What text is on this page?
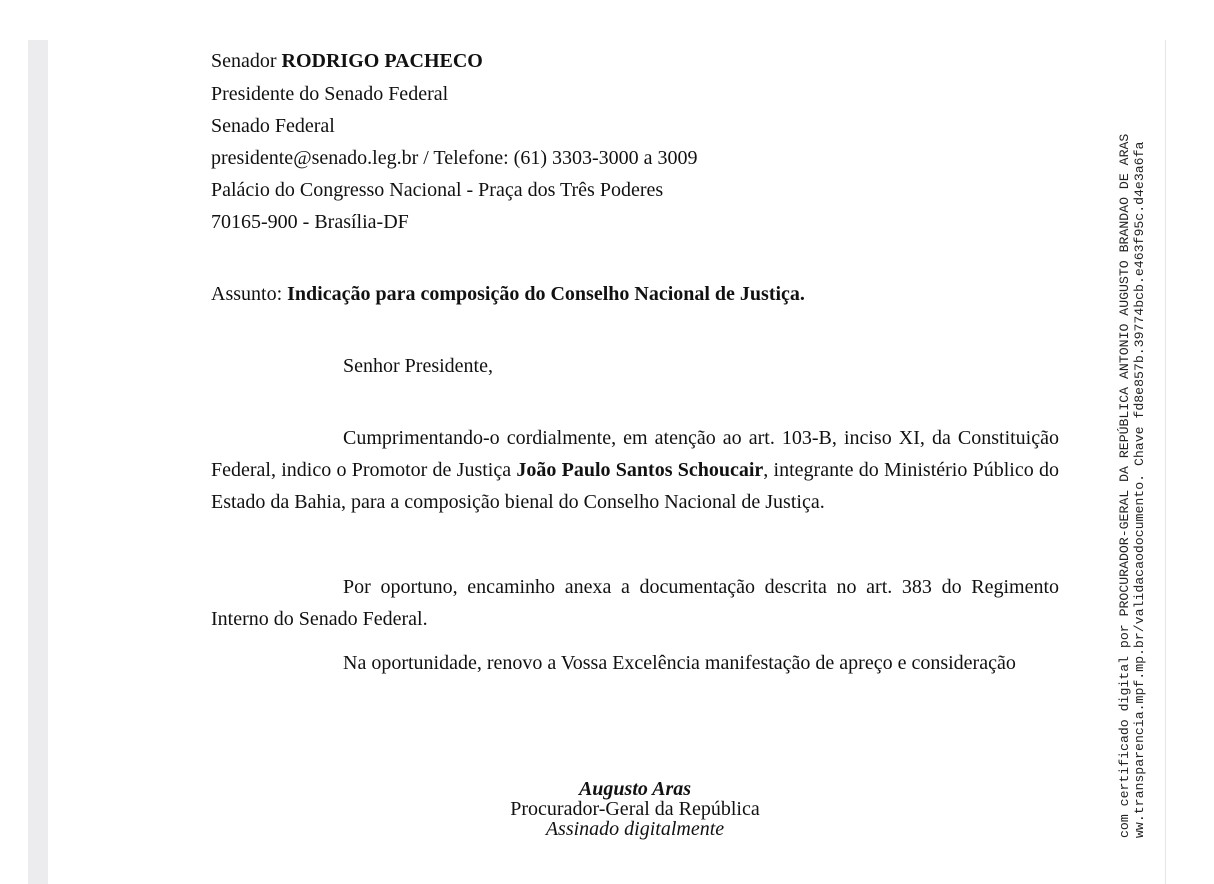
Senador RODRIGO PACHECO
Presidente do Senado Federal
Senado Federal
presidente@senado.leg.br / Telefone: (61) 3303-3000 a 3009
Palácio do Congresso Nacional - Praça dos Três Poderes
70165-900 - Brasília-DF
Assunto: Indicação para composição do Conselho Nacional de Justiça.
Senhor Presidente,
Cumprimentando-o cordialmente, em atenção ao art. 103-B, inciso XI, da Constituição Federal, indico o Promotor de Justiça João Paulo Santos Schoucair, integrante do Ministério Público do Estado da Bahia, para a composição bienal do Conselho Nacional de Justiça.
Por oportuno, encaminho anexa a documentação descrita no art. 383 do Regimento Interno do Senado Federal.
Na oportunidade, renovo a Vossa Excelência manifestação de apreço e consideração
Augusto Aras
Procurador-Geral da República
Assinado digitalmente	com certificado digital por PROCURADOR-GERAL DA REPÚBLICA ANTONIO AUGUSTO BRANDAO DE ARAS ww.transparencia.mpf.mp.br/validacaodocumento. Chave fd8e857b.39774bcb.e463f95c.d4e3a6fa
